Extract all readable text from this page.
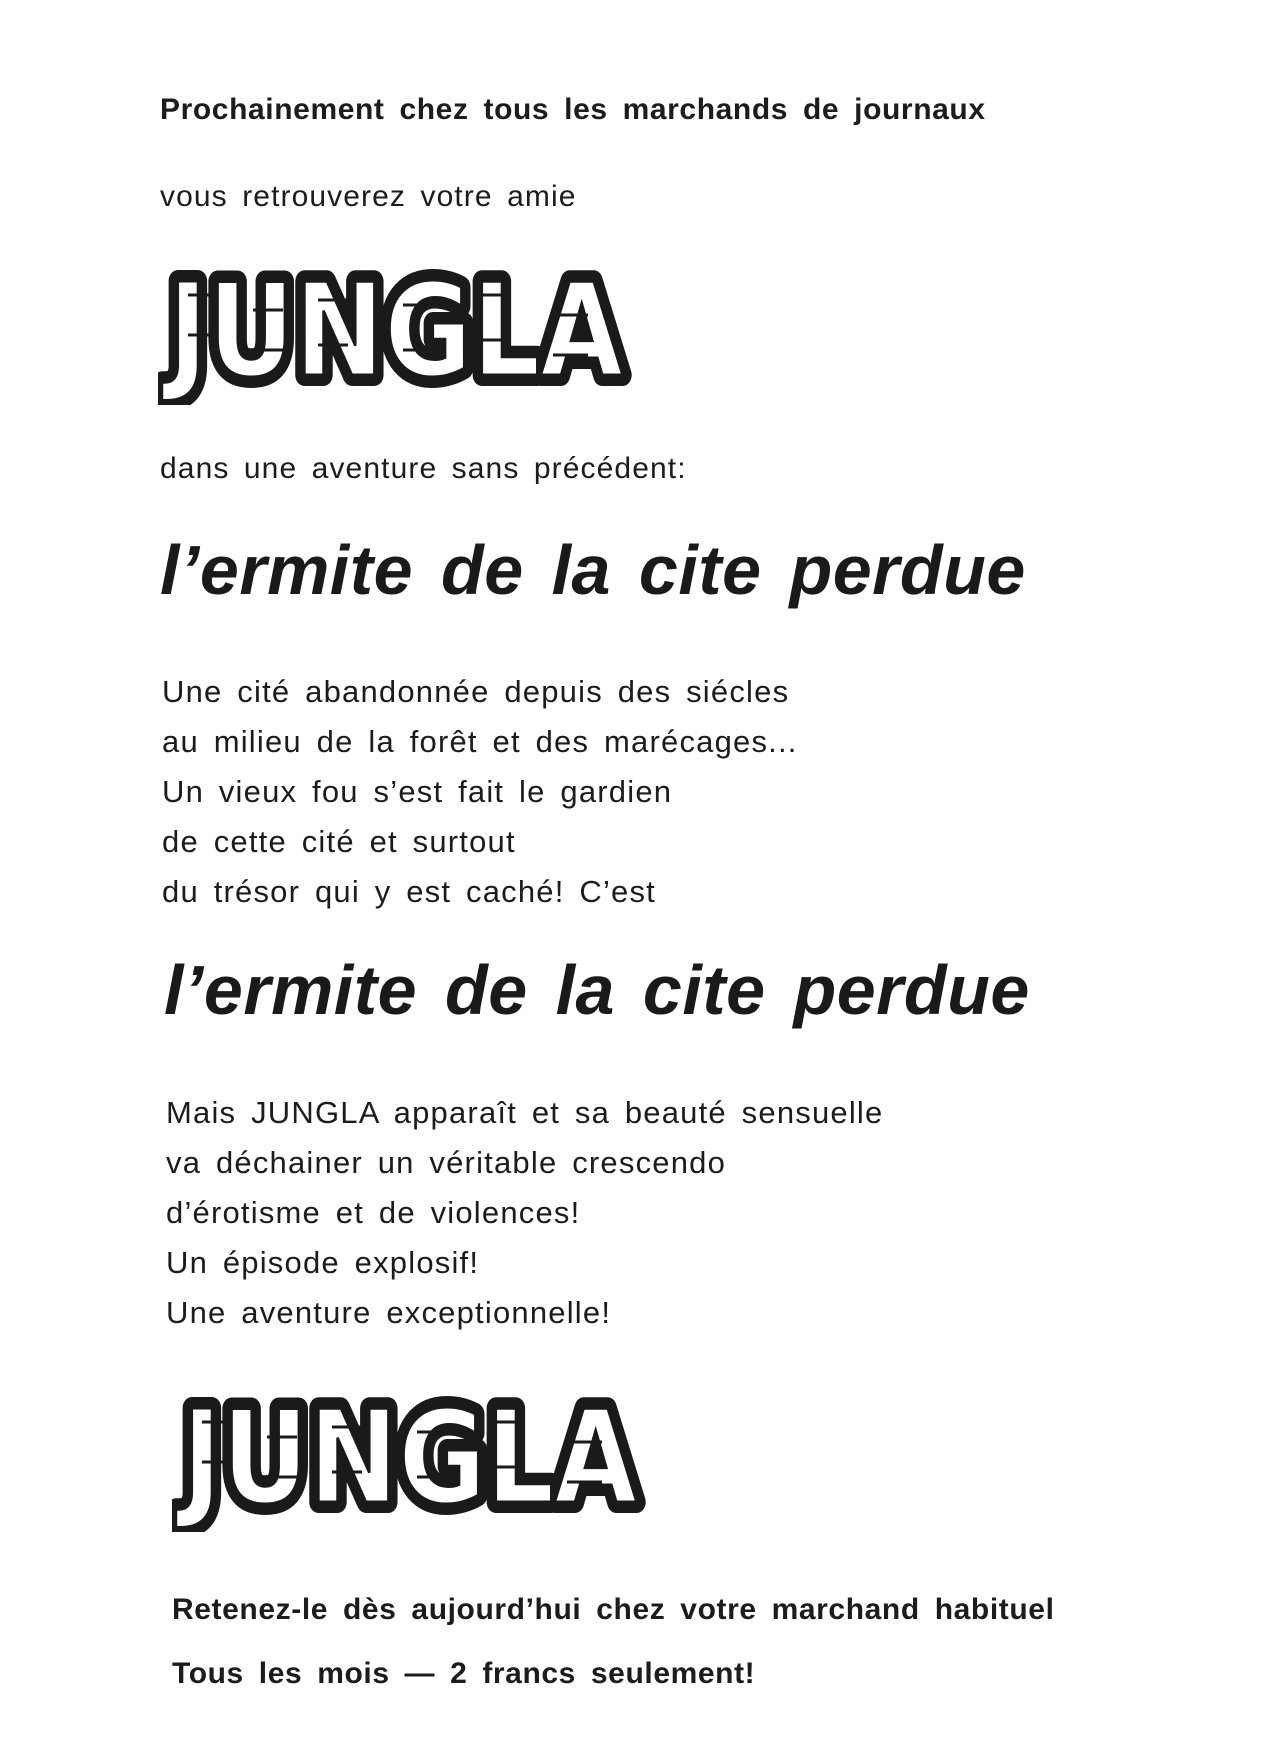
Prochainement chez tous les marchands de journaux

vous retrouverez votre amie

JUNGLA
JUNGLA

dans une aventure sans précédent:

l’ermite de la cite perdue

Une cité abandonnée depuis des siécles
au milieu de la forêt et des marécages...
Un vieux fou s’est fait le gardien
de cette cité et surtout
du trésor qui y est caché! C’est

l’ermite de la cite perdue

Mais JUNGLA apparaît et sa beauté sensuelle
va déchainer un véritable crescendo
d’érotisme et de violences!
Un épisode explosif!
Une aventure exceptionnelle!
JUNGLA
JUNGLA

Retenez-le dès aujourd’hui chez votre marchand habituel

Tous les mois — 2 francs seulement!
